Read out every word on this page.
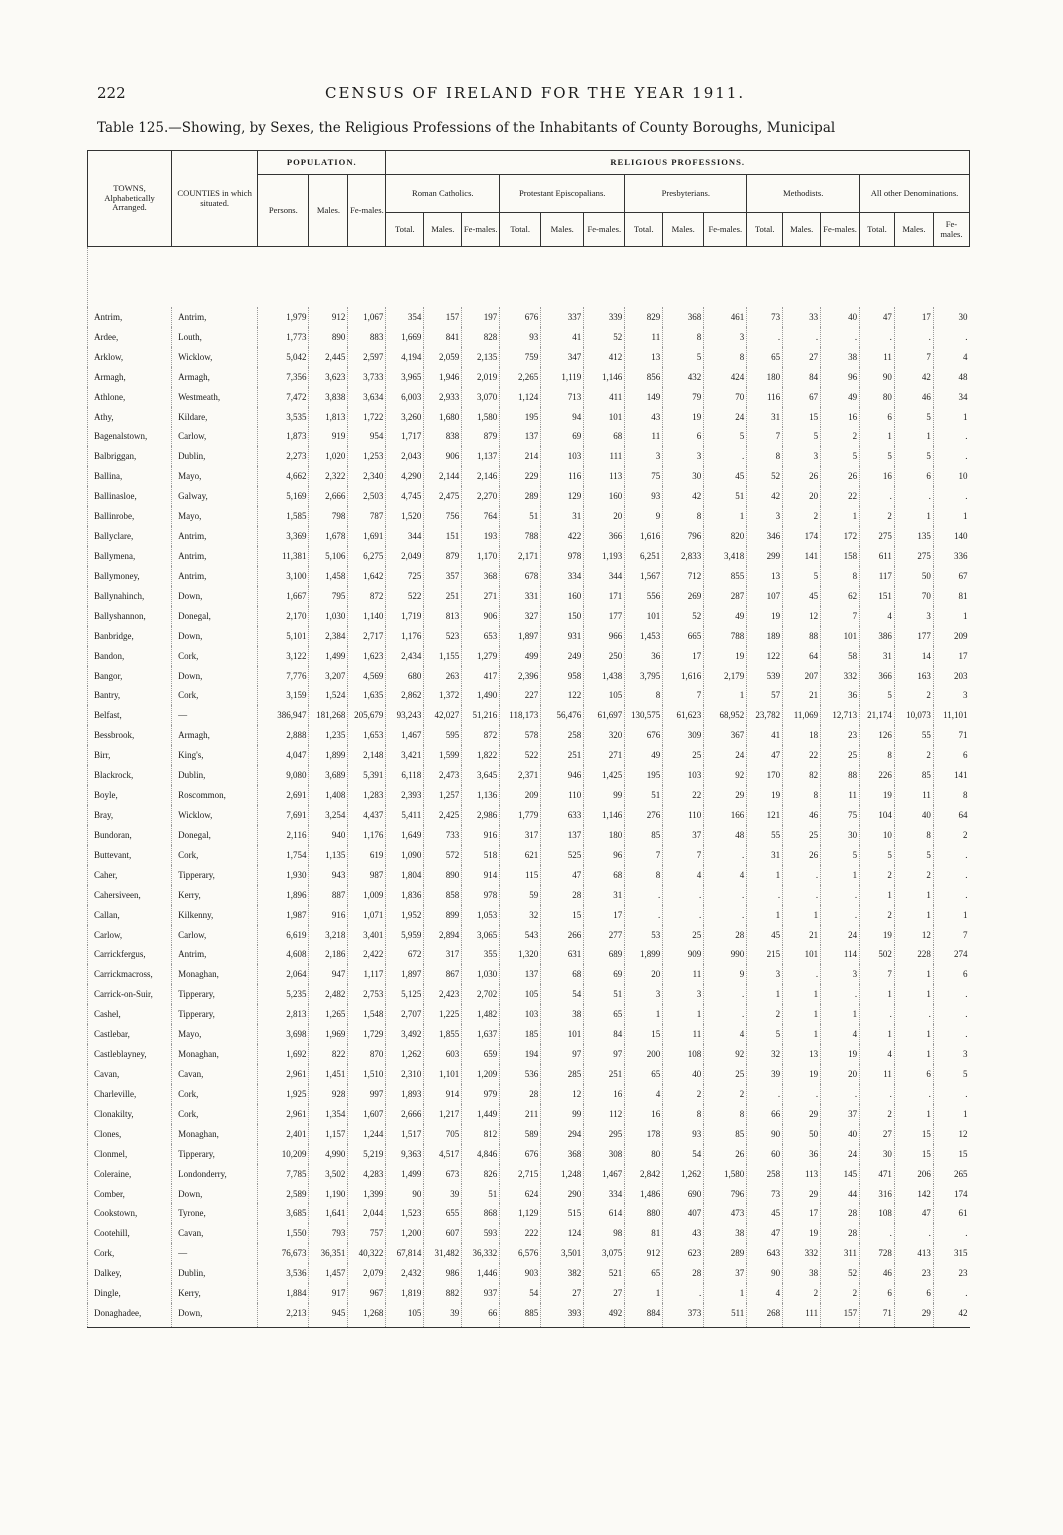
222	CENSUS OF IRELAND FOR THE YEAR 1911.
Table 125.—Showing, by Sexes, the Religious Professions of the Inhabitants of County Boroughs, Municipal
TOWNS, Alphabetically Arranged.	COUNTIES in which situated.	POPULATION.			RELIGIOUS PROFESSIONS.														
		Persons.	Males.	Fe-males.	Roman Catholics.			Protestant Episcopalians.			Presbyterians.			Methodists.			All other Denominations.		
					Total.	Males.	Fe-males.	Total.	Males.	Fe-males.	Total.	Males.	Fe-males.	Total.	Males.	Fe-males.	Total.	Males.	Fe-males.

Antrim,	Antrim,	1,979	912	1,067	354	157	197	676	337	339	829	368	461	73	33	40	47	17	30
Ardee,	Louth,	1,773	890	883	1,669	841	828	93	41	52	11	8	3	.	.	.	.	.	.
Arklow,	Wicklow,	5,042	2,445	2,597	4,194	2,059	2,135	759	347	412	13	5	8	65	27	38	11	7	4
Armagh,	Armagh,	7,356	3,623	3,733	3,965	1,946	2,019	2,265	1,119	1,146	856	432	424	180	84	96	90	42	48
Athlone,	Westmeath,	7,472	3,838	3,634	6,003	2,933	3,070	1,124	713	411	149	79	70	116	67	49	80	46	34
Athy,	Kildare,	3,535	1,813	1,722	3,260	1,680	1,580	195	94	101	43	19	24	31	15	16	6	5	1
Bagenalstown,	Carlow,	1,873	919	954	1,717	838	879	137	69	68	11	6	5	7	5	2	1	1	.
Balbriggan,	Dublin,	2,273	1,020	1,253	2,043	906	1,137	214	103	111	3	3	.	8	3	5	5	5	.
Ballina,	Mayo,	4,662	2,322	2,340	4,290	2,144	2,146	229	116	113	75	30	45	52	26	26	16	6	10
Ballinasloe,	Galway,	5,169	2,666	2,503	4,745	2,475	2,270	289	129	160	93	42	51	42	20	22	.	.	.
Ballinrobe,	Mayo,	1,585	798	787	1,520	756	764	51	31	20	9	8	1	3	2	1	2	1	1
Ballyclare,	Antrim,	3,369	1,678	1,691	344	151	193	788	422	366	1,616	796	820	346	174	172	275	135	140
Ballymena,	Antrim,	11,381	5,106	6,275	2,049	879	1,170	2,171	978	1,193	6,251	2,833	3,418	299	141	158	611	275	336
Ballymoney,	Antrim,	3,100	1,458	1,642	725	357	368	678	334	344	1,567	712	855	13	5	8	117	50	67
Ballynahinch,	Down,	1,667	795	872	522	251	271	331	160	171	556	269	287	107	45	62	151	70	81
Ballyshannon,	Donegal,	2,170	1,030	1,140	1,719	813	906	327	150	177	101	52	49	19	12	7	4	3	1
Banbridge,	Down,	5,101	2,384	2,717	1,176	523	653	1,897	931	966	1,453	665	788	189	88	101	386	177	209
Bandon,	Cork,	3,122	1,499	1,623	2,434	1,155	1,279	499	249	250	36	17	19	122	64	58	31	14	17
Bangor,	Down,	7,776	3,207	4,569	680	263	417	2,396	958	1,438	3,795	1,616	2,179	539	207	332	366	163	203
Bantry,	Cork,	3,159	1,524	1,635	2,862	1,372	1,490	227	122	105	8	7	1	57	21	36	5	2	3
Belfast,	—	386,947	181,268	205,679	93,243	42,027	51,216	118,173	56,476	61,697	130,575	61,623	68,952	23,782	11,069	12,713	21,174	10,073	11,101
Bessbrook,	Armagh,	2,888	1,235	1,653	1,467	595	872	578	258	320	676	309	367	41	18	23	126	55	71
Birr,	King's,	4,047	1,899	2,148	3,421	1,599	1,822	522	251	271	49	25	24	47	22	25	8	2	6
Blackrock,	Dublin,	9,080	3,689	5,391	6,118	2,473	3,645	2,371	946	1,425	195	103	92	170	82	88	226	85	141
Boyle,	Roscommon,	2,691	1,408	1,283	2,393	1,257	1,136	209	110	99	51	22	29	19	8	11	19	11	8
Bray,	Wicklow,	7,691	3,254	4,437	5,411	2,425	2,986	1,779	633	1,146	276	110	166	121	46	75	104	40	64
Bundoran,	Donegal,	2,116	940	1,176	1,649	733	916	317	137	180	85	37	48	55	25	30	10	8	2
Buttevant,	Cork,	1,754	1,135	619	1,090	572	518	621	525	96	7	7	.	31	26	5	5	5	.
Caher,	Tipperary,	1,930	943	987	1,804	890	914	115	47	68	8	4	4	1	.	1	2	2	.
Cahersiveen,	Kerry,	1,896	887	1,009	1,836	858	978	59	28	31	.	.	.	.	.	.	1	1	.
Callan,	Kilkenny,	1,987	916	1,071	1,952	899	1,053	32	15	17	.	.	.	1	1	.	2	1	1
Carlow,	Carlow,	6,619	3,218	3,401	5,959	2,894	3,065	543	266	277	53	25	28	45	21	24	19	12	7
Carrickfergus,	Antrim,	4,608	2,186	2,422	672	317	355	1,320	631	689	1,899	909	990	215	101	114	502	228	274
Carrickmacross,	Monaghan,	2,064	947	1,117	1,897	867	1,030	137	68	69	20	11	9	3	.	3	7	1	6
Carrick-on-Suir,	Tipperary,	5,235	2,482	2,753	5,125	2,423	2,702	105	54	51	3	3	.	1	1	.	1	1	.
Cashel,	Tipperary,	2,813	1,265	1,548	2,707	1,225	1,482	103	38	65	1	1	.	2	1	1	.	.	.
Castlebar,	Mayo,	3,698	1,969	1,729	3,492	1,855	1,637	185	101	84	15	11	4	5	1	4	1	1	.
Castleblayney,	Monaghan,	1,692	822	870	1,262	603	659	194	97	97	200	108	92	32	13	19	4	1	3
Cavan,	Cavan,	2,961	1,451	1,510	2,310	1,101	1,209	536	285	251	65	40	25	39	19	20	11	6	5
Charleville,	Cork,	1,925	928	997	1,893	914	979	28	12	16	4	2	2	.	.	.	.	.	.
Clonakilty,	Cork,	2,961	1,354	1,607	2,666	1,217	1,449	211	99	112	16	8	8	66	29	37	2	1	1
Clones,	Monaghan,	2,401	1,157	1,244	1,517	705	812	589	294	295	178	93	85	90	50	40	27	15	12
Clonmel,	Tipperary,	10,209	4,990	5,219	9,363	4,517	4,846	676	368	308	80	54	26	60	36	24	30	15	15
Coleraine,	Londonderry,	7,785	3,502	4,283	1,499	673	826	2,715	1,248	1,467	2,842	1,262	1,580	258	113	145	471	206	265
Comber,	Down,	2,589	1,190	1,399	90	39	51	624	290	334	1,486	690	796	73	29	44	316	142	174
Cookstown,	Tyrone,	3,685	1,641	2,044	1,523	655	868	1,129	515	614	880	407	473	45	17	28	108	47	61
Cootehill,	Cavan,	1,550	793	757	1,200	607	593	222	124	98	81	43	38	47	19	28	.	.	.
Cork,	—	76,673	36,351	40,322	67,814	31,482	36,332	6,576	3,501	3,075	912	623	289	643	332	311	728	413	315
Dalkey,	Dublin,	3,536	1,457	2,079	2,432	986	1,446	903	382	521	65	28	37	90	38	52	46	23	23
Dingle,	Kerry,	1,884	917	967	1,819	882	937	54	27	27	1	.	1	4	2	2	6	6	.
Donaghadee,	Down,	2,213	945	1,268	105	39	66	885	393	492	884	373	511	268	111	157	71	29	42
